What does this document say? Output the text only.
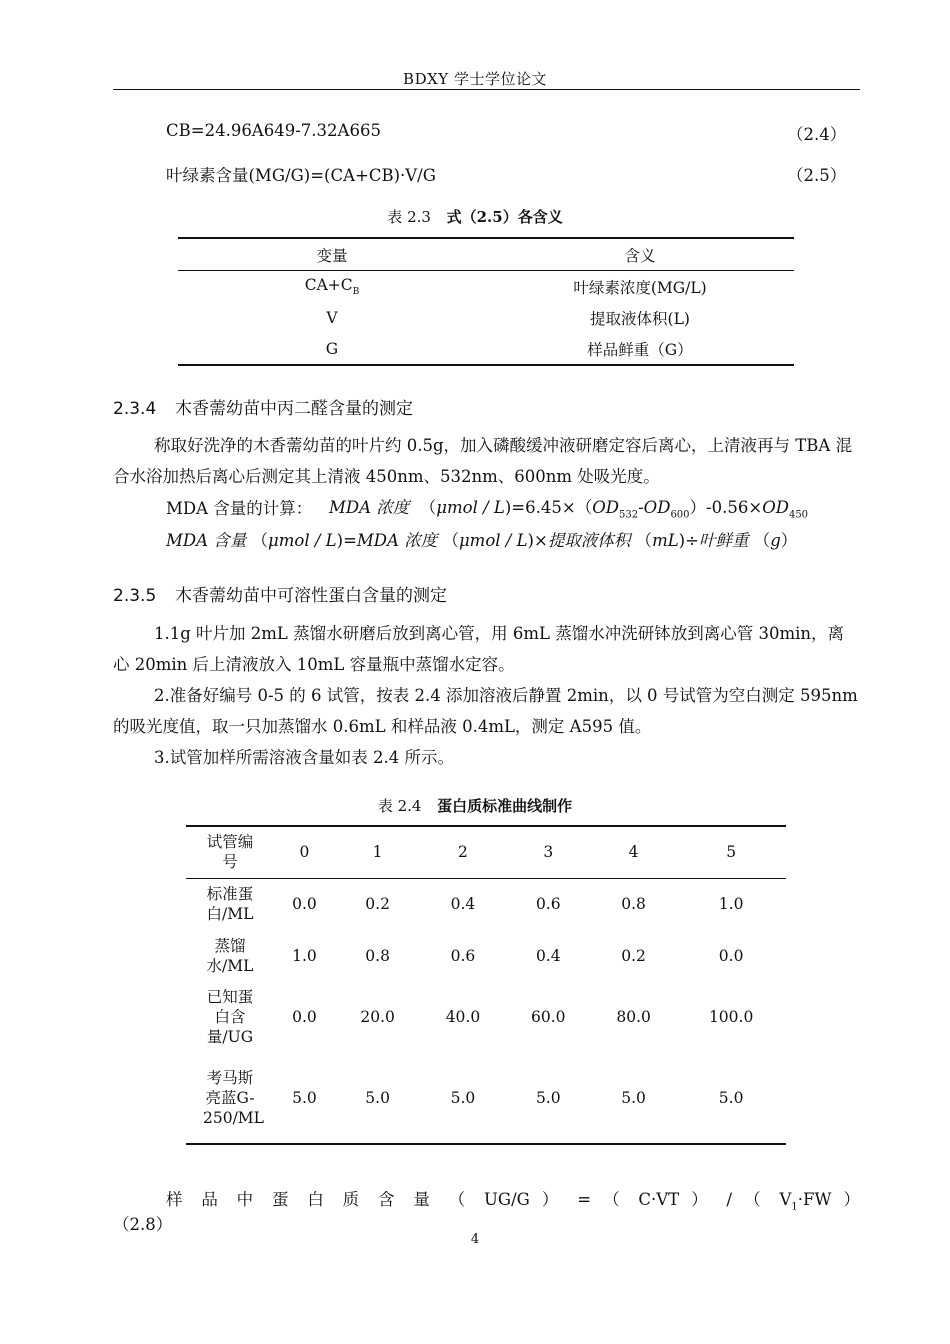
BDXY 学士学位论文
CB=24.96A649-7.32A665	（2.4）
叶绿素含量(MG/G)=(CA+CB)·V/G	（2.5）
表 2.3 式（2.5）各含义
变量	含义
$CA+C_B$	叶绿素浓度(MG/L)
V	提取液体积(L)
G	样品鲜重（G）
2.3.4 木香薷幼苗中丙二醛含量的测定

称取好洗净的木香薷幼苗的叶片约 0.5g，加入磷酸缓冲液研磨定容后离心，上清液再与 TBA 混合水浴加热后离心后测定其上清液 450nm、532nm、600nm 处吸光度。

MDA 含量的计算： MDA 浓度  $(\mu mol / L)=6.45\times(OD_{532}-OD_{600})-0.56\times OD_{450}$
MDA 含量 （μmol / L)=MDA 浓度 （μmol / L)×提取液体积 （mL)÷叶鲜重 （g）
2.3.5 木香薷幼苗中可溶性蛋白含量的测定

1.1g 叶片加 2mL 蒸馏水研磨后放到离心管，用 6mL 蒸馏水冲洗研钵放到离心管 30min，离心 20min 后上清液放入 10mL 容量瓶中蒸馏水定容。

2.准备好编号 0-5 的 6 试管，按表 2.4 添加溶液后静置 2min，以 0 号试管为空白测定 595nm 的吸光度值，取一只加蒸馏水 0.6mL 和样品液 0.4mL，测定 A595 值。

3.试管加样所需溶液含量如表 2.4 所示。

表 2.4 蛋白质标准曲线制作
试管编号	0	1	2	3	4	5

标准蛋白/ML	0.0	0.2	0.4	0.6	0.8	1.0

蒸馏水/ML	1.0	0.8	0.6	0.4	0.2	0.0

已知蛋白含量/UG	0.0	20.0	40.0	60.0	80.0	100.0

考马斯亮蓝G-250/ML	5.0	5.0	5.0	5.0	5.0	5.0
样 品 中 蛋 白 质 含 量 （ UG/G ） = （ C·VT ） / （ $V_1\cdot FW$ ）
（2.8）
4
